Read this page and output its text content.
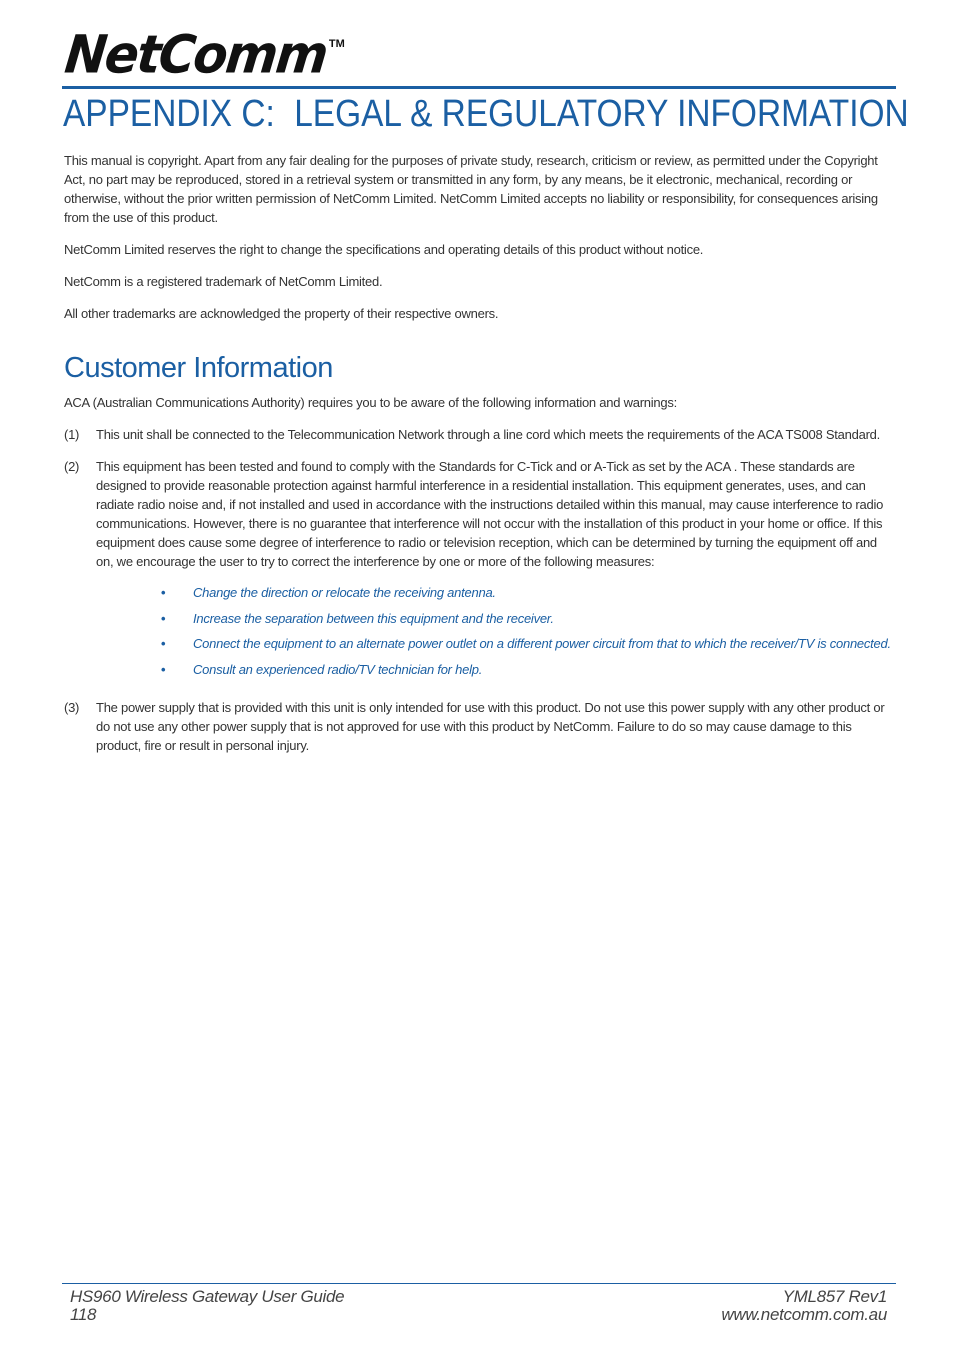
NetComm TM
APPENDIX C: LEGAL & REGULATORY INFORMATION

This manual is copyright. Apart from any fair dealing for the purposes of private study, research, criticism or review, as permitted under the Copyright Act, no part may be reproduced, stored in a retrieval system or transmitted in any form, by any means, be it electronic, mechanical, recording or otherwise, without the prior written permission of NetComm Limited. NetComm Limited accepts no liability or responsibility, for consequences arising from the use of this product.

NetComm Limited reserves the right to change the specifications and operating details of this product without notice.

NetComm is a registered trademark of NetComm Limited.

All other trademarks are acknowledged the property of their respective owners.

Customer Information

ACA (Australian Communications Authority) requires you to be aware of the following information and warnings:

(1)	This unit shall be connected to the Telecommunication Network through a line cord which meets the requirements of the ACA TS008 Standard.
(2)	This equipment has been tested and found to comply with the Standards for C-Tick and or A-Tick as set by the ACA . These standards are designed to provide reasonable protection against harmful interference in a residential installation. This equipment generates, uses, and can radiate radio noise and, if not installed and used in accordance with the instructions detailed within this manual, may cause interference to radio communications. However, there is no guarantee that interference will not occur with the installation of this product in your home or office. If this equipment does cause some degree of interference to radio or television reception, which can be determined by turning the equipment off and on, we encourage the user to try to correct the interference by one or more of the following measures:
•	Change the direction or relocate the receiving antenna.
•	Increase the separation between this equipment and the receiver.
•	Connect the equipment to an alternate power outlet on a different power circuit from that to which the receiver/TV is connected.
•	Consult an experienced radio/TV technician for help.
(3)	The power supply that is provided with this unit is only intended for use with this product. Do not use this power supply with any other product or do not use any other power supply that is not approved for use with this product by NetComm. Failure to do so may cause damage to this product, fire or result in personal injury.
HS960 Wireless Gateway User Guide
118
YML857 Rev1
www.netcomm.com.au
